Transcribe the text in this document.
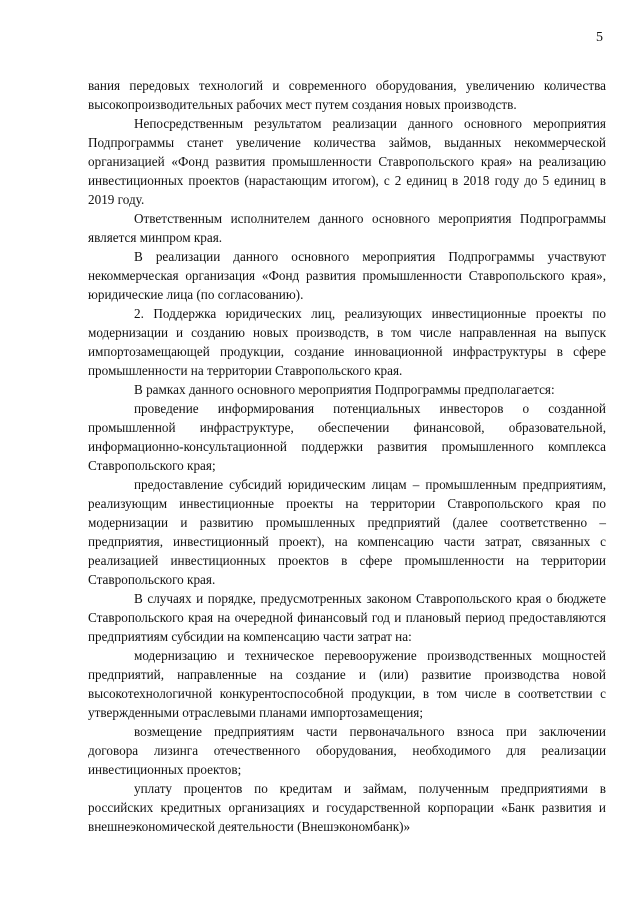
5

вания передовых технологий и современного оборудования, увеличению количества высокопроизводительных рабочих мест путем создания новых производств.

Непосредственным результатом реализации данного основного мероприятия Подпрограммы станет увеличение количества займов, выданных некоммерческой организацией «Фонд развития промышленности Ставропольского края» на реализацию инвестиционных проектов (нарастающим итогом), с 2 единиц в 2018 году до 5 единиц в 2019 году.

Ответственным исполнителем данного основного мероприятия Подпрограммы является минпром края.

В реализации данного основного мероприятия Подпрограммы участвуют некоммерческая организация «Фонд развития промышленности Ставропольского края», юридические лица (по согласованию).

2. Поддержка юридических лиц, реализующих инвестиционные проекты по модернизации и созданию новых производств, в том числе направленная на выпуск импортозамещающей продукции, создание инновационной инфраструктуры в сфере промышленности на территории Ставропольского края.

В рамках данного основного мероприятия Подпрограммы предполагается:

проведение информирования потенциальных инвесторов о созданной промышленной инфраструктуре, обеспечении финансовой, образовательной, информационно-консультационной поддержки развития промышленного комплекса Ставропольского края;

предоставление субсидий юридическим лицам – промышленным предприятиям, реализующим инвестиционные проекты на территории Ставропольского края по модернизации и развитию промышленных предприятий (далее соответственно – предприятия, инвестиционный проект), на компенсацию части затрат, связанных с реализацией инвестиционных проектов в сфере промышленности на территории Ставропольского края.

В случаях и порядке, предусмотренных законом Ставропольского края о бюджете Ставропольского края на очередной финансовый год и плановый период предоставляются предприятиям субсидии на компенсацию части затрат на:

модернизацию и техническое перевооружение производственных мощностей предприятий, направленные на создание и (или) развитие производства новой высокотехнологичной конкурентоспособной продукции, в том числе в соответствии с утвержденными отраслевыми планами импортозамещения;

возмещение предприятиям части первоначального взноса при заключении договора лизинга отечественного оборудования, необходимого для реализации инвестиционных проектов;

уплату процентов по кредитам и займам, полученным предприятиями в российских кредитных организациях и государственной корпорации «Банк развития и внешнеэкономической деятельности (Внешэкономбанк)»
